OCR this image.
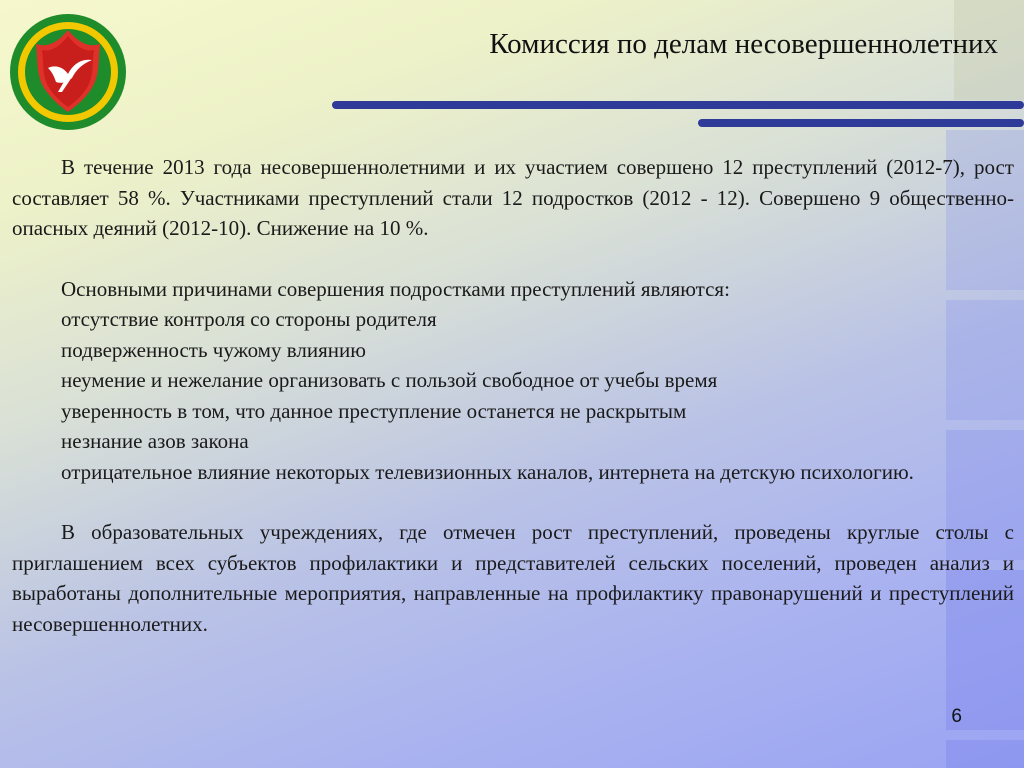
Комиссия по делам несовершеннолетних

В течение 2013 года несовершеннолетними и их участием совершено 12 преступлений (2012-7), рост составляет 58 %. Участниками преступлений стали 12 подростков (2012 - 12). Совершено 9 общественно-опасных деяний (2012-10). Снижение на 10 %.

Основными причинами совершения подростками преступлений являются:

отсутствие контроля со стороны родителя

подверженность чужому влиянию

неумение и нежелание организовать с пользой свободное от учебы время

уверенность в том, что данное преступление останется не раскрытым

незнание азов закона

отрицательное влияние некоторых телевизионных каналов, интернета на детскую психологию.

В образовательных учреждениях, где отмечен рост преступлений, проведены круглые столы с приглашением всех субъектов профилактики и представителей сельских поселений, проведен анализ и выработаны дополнительные мероприятия, направленные на профилактику правонарушений и преступлений несовершеннолетних.

6
